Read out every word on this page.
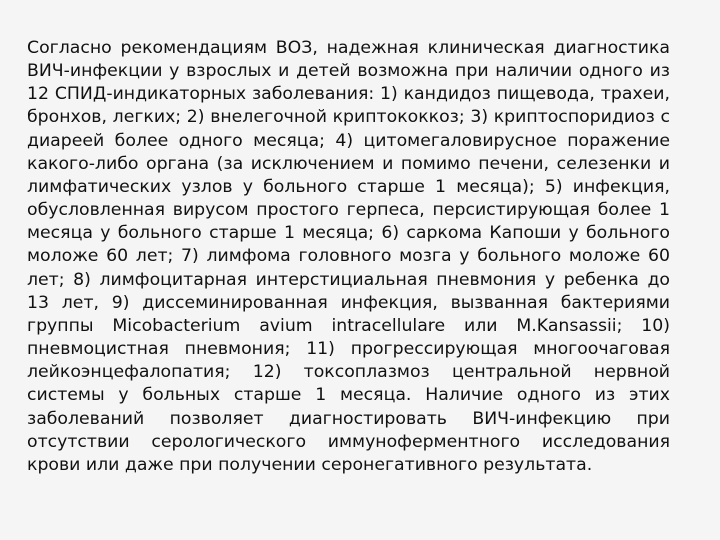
Согласно рекомендациям ВОЗ, надежная клиническая диагностика ВИЧ-инфекции у взрослых и детей возможна при наличии одного из 12 СПИД-индикаторных заболевания: 1) кандидоз пищевода, трахеи, бронхов, легких; 2) внелегочной криптококкоз; 3) криптоспоридиоз с диареей более одного месяца; 4) цитомегаловирусное поражение какого-либо органа (за исключением и помимо печени, селезенки и лимфатических узлов у больного старше 1 месяца); 5) инфекция, обусловленная вирусом простого герпеса, персистирующая более 1 месяца у больного старше 1 месяца; 6) саркома Капоши у больного моложе 60 лет; 7) лимфома головного мозга у больного моложе 60 лет; 8) лимфоцитарная интерстициальная пневмония у ребенка до 13 лет, 9) диссеминированная инфекция, вызванная бактериями группы Micobacterium avium intracellulare или M.Kansassii; 10) пневмоцистная пневмония; 11) прогрессирующая многоочаговая лейкоэнцефалопатия; 12) токсоплазмоз центральной нервной системы у больных старше 1 месяца. Наличие одного из этих заболеваний позволяет диагностировать ВИЧ-инфекцию при отсутствии серологического иммуноферментного исследования крови или даже при получении серонегативного результата.
